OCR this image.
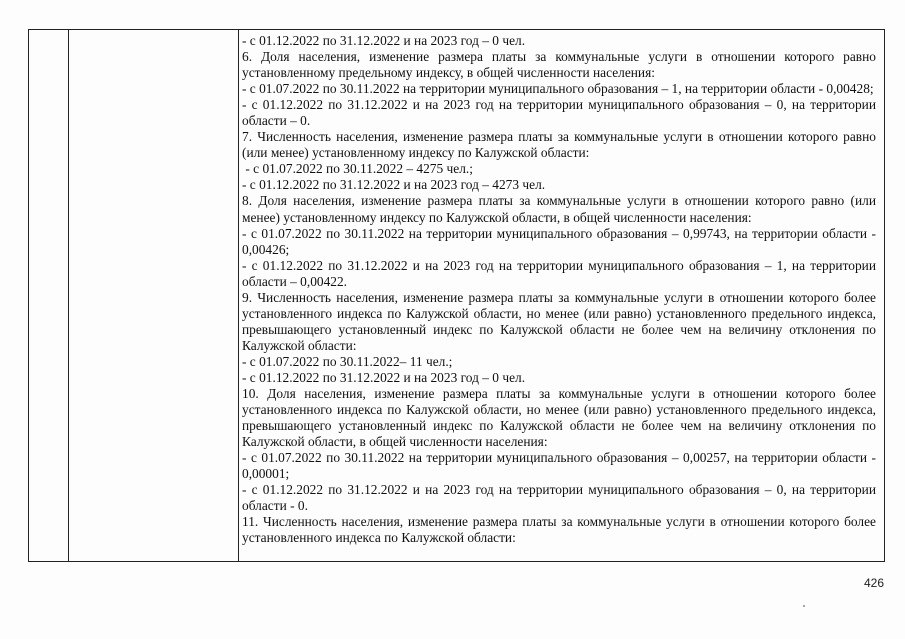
- с 01.12.2022 по 31.12.2022 и на 2023 год – 0 чел.

6. Доля населения, изменение размера платы за коммунальные услуги в отношении которого равно установленному предельному индексу, в общей численности населения:

- с 01.07.2022 по 30.11.2022 на территории муниципального образования – 1, на территории области - 0,00428;

- с 01.12.2022 по 31.12.2022 и на 2023 год на территории муниципального образования – 0, на территории области – 0.

7. Численность населения, изменение размера платы за коммунальные услуги в отношении которого равно (или менее) установленному индексу по Калужской области:

- с 01.07.2022 по 30.11.2022 – 4275 чел.;

- с 01.12.2022 по 31.12.2022 и на 2023 год – 4273 чел.

8. Доля населения, изменение размера платы за коммунальные услуги в отношении которого равно (или менее) установленному индексу по Калужской области, в общей численности населения:

- с 01.07.2022 по 30.11.2022 на территории муниципального образования – 0,99743, на территории области - 0,00426;

- с 01.12.2022 по 31.12.2022 и на 2023 год на территории муниципального образования – 1, на территории области – 0,00422.

9. Численность населения, изменение размера платы за коммунальные услуги в отношении которого более установленного индекса по Калужской области, но менее (или равно) установленного предельного индекса, превышающего установленный индекс по Калужской области не более чем на величину отклонения по Калужской области:

- с 01.07.2022 по 30.11.2022– 11 чел.;

- с 01.12.2022 по 31.12.2022 и на 2023 год – 0 чел.

10. Доля населения, изменение размера платы за коммунальные услуги в отношении которого более установленного индекса по Калужской области, но менее (или равно) установленного предельного индекса, превышающего установленный индекс по Калужской области не более чем на величину отклонения по Калужской области, в общей численности населения:

- с 01.07.2022 по 30.11.2022 на территории муниципального образования – 0,00257, на территории области - 0,00001;

- с 01.12.2022 по 31.12.2022 и на 2023 год на территории муниципального образования – 0, на территории области - 0.

11. Численность населения, изменение размера платы за коммунальные услуги в отношении которого более установленного индекса по Калужской области:

426
